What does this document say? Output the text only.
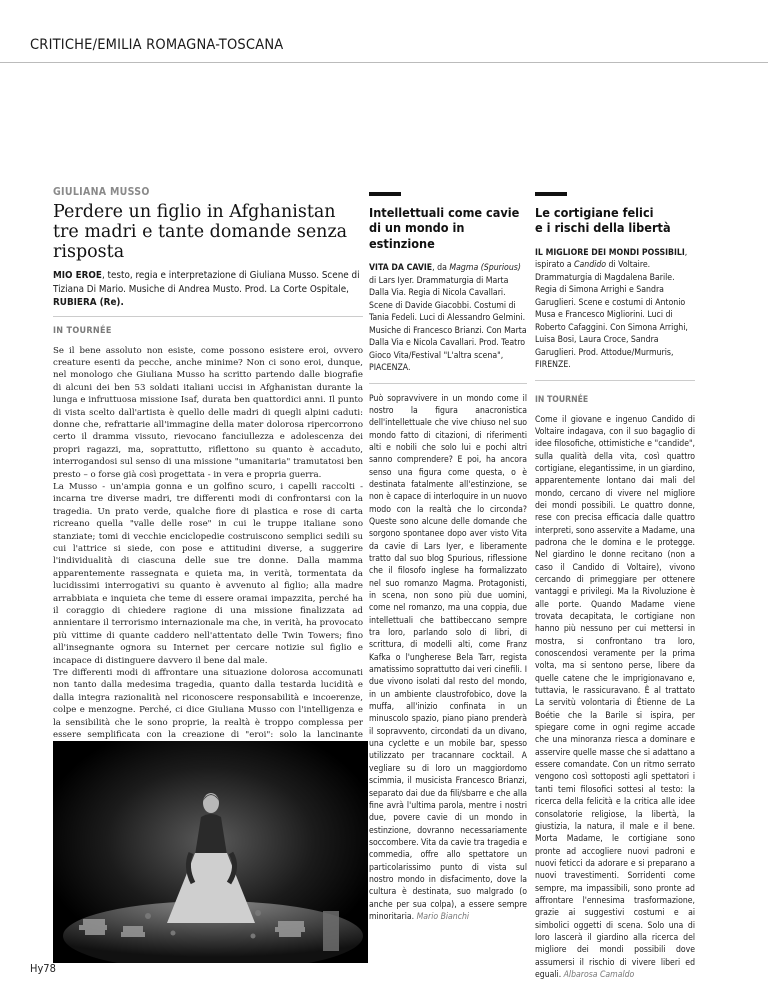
CRITICHE/EMILIA ROMAGNA-TOSCANA
GIULIANA MUSSO
Perdere un figlio in Afghanistan
tre madri e tante domande senza risposta
MIO EROE, testo, regia e interpretazione di Giuliana Musso. Scene di Tiziana Di Mario. Musiche di Andrea Musto. Prod. La Corte Ospitale, RUBIERA (Re).
IN TOURNÉE

Se il bene assoluto non esiste, come possono esistere eroi, ovvero creature esenti da pecche, anche minime? Non ci sono eroi, dunque, nel monologo che Giuliana Musso ha scritto partendo dalle biografie di alcuni dei ben 53 soldati italiani uccisi in Afghanistan durante la lunga e infruttuosa missione Isaf, durata ben quattordici anni. Il punto di vista scelto dall'artista è quello delle madri di quegli alpini caduti: donne che, refrattarie all'immagine della mater dolorosa ripercorrono certo il dramma vissuto, rievocano fanciullezza e adolescenza dei propri ragazzi, ma, soprattutto, riflettono su quanto è accaduto, interrogandosi sul senso di una missione "umanitaria" tramutatosi ben presto – o forse già così progettata - in vera e propria guerra.

La Musso - un'ampia gonna e un golfino scuro, i capelli raccolti - incarna tre diverse madri, tre differenti modi di confrontarsi con la tragedia. Un prato verde, qualche fiore di plastica e rose di carta ricreano quella "valle delle rose" in cui le truppe italiane sono stanziate; tomi di vecchie enciclopedie costruiscono semplici sedili su cui l'attrice si siede, con pose e attitudini diverse, a suggerire l'individualità di ciascuna delle sue tre donne. Dalla mamma apparentemente rassegnata e quieta ma, in verità, tormentata da lucidissimi interrogativi su quanto è avvenuto al figlio; alla madre arrabbiata e inquieta che teme di essere oramai impazzita, perché ha il coraggio di chiedere ragione di una missione finalizzata ad annientare il terrorismo internazionale ma che, in verità, ha provocato più vittime di quante caddero nell'attentato delle Twin Towers; fino all'insegnante ognora su Internet per cercare notizie sul figlio e incapace di distinguere davvero il bene dal male.

Tre differenti modi di affrontare una situazione dolorosa accomunati non tanto dalla medesima tragedia, quanto dalla testarda lucidità e dalla integra razionalità nel riconoscere responsabilità e incoerenze, colpe e menzogne. Perché, ci dice Giuliana Musso con l'intelligenza e la sensibilità che le sono proprie, la realtà è troppo complessa per essere semplificata con la creazione di "eroi": solo la lancinante

Hy78
Intellettuali come cavie
di un mondo in estinzione
VITA DA CAVIE, da Magma (Spurious) di Lars Iyer. Drammaturgia di Marta Dalla Via. Regia di Nicola Cavallari. Scene di Davide Giacobbi. Costumi di Tania Fedeli. Luci di Alessandro Gelmini. Musiche di Francesco Brianzi. Con Marta Dalla Via e Nicola Cavallari. Prod. Teatro Gioco Vita/Festival "L'altra scena", PIACENZA.

Può sopravvivere in un mondo come il nostro la figura anacronistica dell'intellettuale che vive chiuso nel suo mondo fatto di citazioni, di riferimenti alti e nobili che solo lui e pochi altri sanno comprendere? E poi, ha ancora senso una figura come questa, o è destinata fatalmente all'estinzione, se non è capace di interloquire in un nuovo modo con la realtà che lo circonda? Queste sono alcune delle domande che sorgono spontanee dopo aver visto Vita da cavie di Lars Iyer, e liberamente tratto dal suo blog Spurious, riflessione che il filosofo inglese ha formalizzato nel suo romanzo Magma. Protagonisti, in scena, non sono più due uomini, come nel romanzo, ma una coppia, due intellettuali che battibeccano sempre tra loro, parlando solo di libri, di scrittura, di modelli alti, come Franz Kafka o l'ungherese Bela Tarr, regista amatissimo soprattutto dai veri cinefili. I due vivono isolati dal resto del mondo, in un ambiente claustrofobico, dove la muffa, all'inizio confinata in un minuscolo spazio, piano piano prenderà il sopravvento, circondati da un divano, una cyclette e un mobile bar, spesso utilizzato per tracannare cocktail. A vegliare su di loro un maggiordomo scimmia, il musicista Francesco Brianzi, separato dai due da fili/sbarre e che alla fine avrà l'ultima parola, mentre i nostri due, povere cavie di un mondo in estinzione, dovranno necessariamente soccombere. Vita da cavie tra tragedia e commedia, offre allo spettatore un particolarissimo punto di vista sul nostro mondo in disfacimento, dove la cultura è destinata, suo malgrado (o anche per sua colpa), a essere sempre minoritaria. Mario Bianchi

Le cortigiane felici
e i rischi della libertà
IL MIGLIORE DEI MONDI POSSIBILI, ispirato a Candido di Voltaire. Drammaturgia di Magdalena Barile. Regia di Simona Arrighi e Sandra Garuglieri. Scene e costumi di Antonio Musa e Francesco Migliorini. Luci di Roberto Cafaggini. Con Simona Arrighi, Luisa Bosi, Laura Croce, Sandra Garuglieri. Prod. Attodue/Murmuris, FIRENZE.
IN TOURNÉE

Come il giovane e ingenuo Candido di Voltaire indagava, con il suo bagaglio di idee filosofiche, ottimistiche e "candide", sulla qualità della vita, così quattro cortigiane, elegantissime, in un giardino, apparentemente lontano dai mali del mondo, cercano di vivere nel migliore dei mondi possibili. Le quattro donne, rese con precisa efficacia dalle quattro interpreti, sono asservite a Madame, una padrona che le domina e le protegge. Nel giardino le donne recitano (non a caso il Candido di Voltaire), vivono cercando di primeggiare per ottenere vantaggi e privilegi. Ma la Rivoluzione è alle porte. Quando Madame viene trovata decapitata, le cortigiane non hanno più nessuno per cui mettersi in mostra, si confrontano tra loro, conoscendosi veramente per la prima volta, ma si sentono perse, libere da quelle catene che le imprigionavano e, tuttavia, le rassicuravano. È al trattato La servitù volontaria di Étienne de La Boétie che la Barile si ispira, per spiegare come in ogni regime accade che una minoranza riesca a dominare e asservire quelle masse che si adattano a essere comandate. Con un ritmo serrato vengono così sottoposti agli spettatori i tanti temi filosofici sottesi al testo: la ricerca della felicità e la critica alle idee consolatorie religiose, la libertà, la giustizia, la natura, il male e il bene. Morta Madame, le cortigiane sono pronte ad accogliere nuovi padroni e nuovi feticci da adorare e si preparano a nuovi travestimenti. Sorridenti come sempre, ma impassibili, sono pronte ad affrontare l'ennesima trasformazione, grazie ai suggestivi costumi e ai simbolici oggetti di scena. Solo una di loro lascerà il giardino alla ricerca del migliore dei mondi possibili dove assumersi il rischio di vivere liberi ed eguali. Albarosa Camaldo
